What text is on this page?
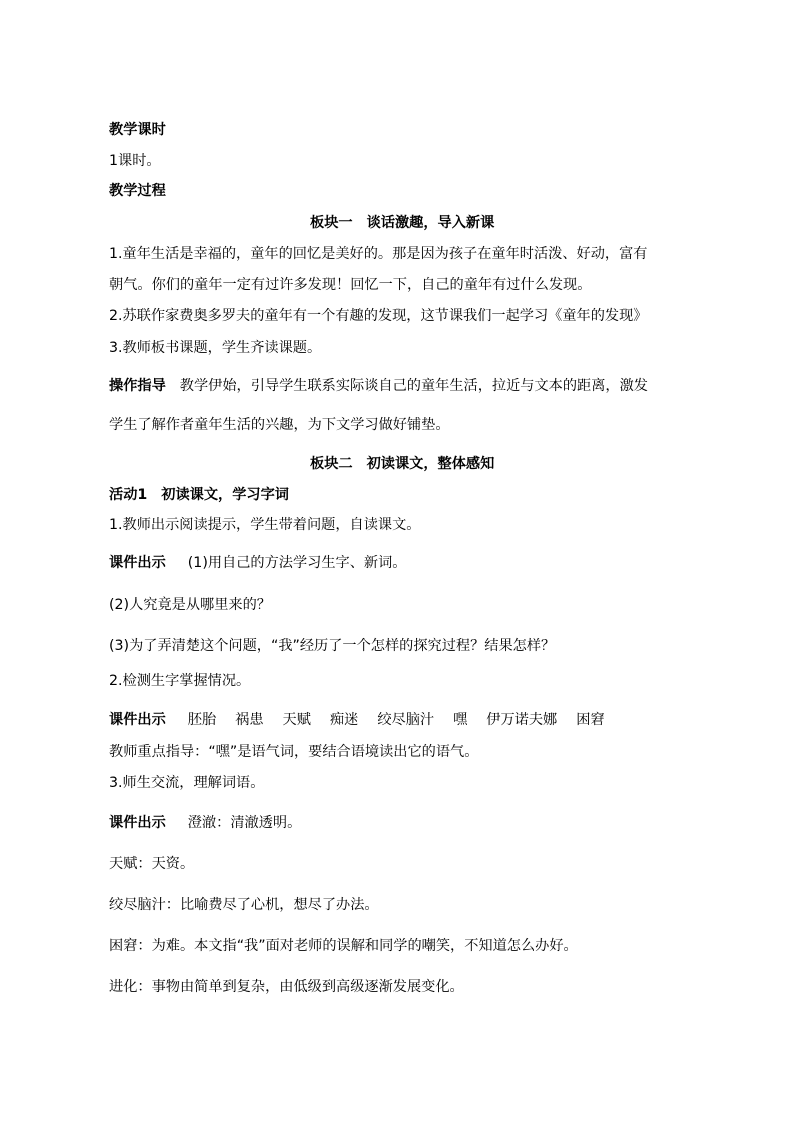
教学课时
1课时。
教学过程
板块一 谈话激趣，导入新课
1.童年生活是幸福的，童年的回忆是美好的。那是因为孩子在童年时活泼、好动，富有
朝气。你们的童年一定有过许多发现！回忆一下，自己的童年有过什么发现。
2.苏联作家费奥多罗夫的童年有一个有趣的发现，这节课我们一起学习《童年的发现》
3.教师板书课题，学生齐读课题。
操作指导 教学伊始，引导学生联系实际谈自己的童年生活，拉近与文本的距离，激发
学生了解作者童年生活的兴趣，为下文学习做好铺垫。
板块二 初读课文，整体感知
活动1 初读课文，学习字词
1.教师出示阅读提示，学生带着问题，自读课文。
课件出示 (1)用自己的方法学习生字、新词。
(2)人究竟是从哪里来的？
(3)为了弄清楚这个问题，“我”经历了一个怎样的探究过程？结果怎样？
2.检测生字掌握情况。
课件出示 胚胎 祸患 天赋 痴迷 绞尽脑汁 嘿 伊万诺夫娜 困窘
教师重点指导：“嘿”是语气词，要结合语境读出它的语气。
3.师生交流，理解词语。
课件出示 澄澈：清澈透明。
天赋：天资。
绞尽脑汁：比喻费尽了心机，想尽了办法。
困窘：为难。本文指“我”面对老师的误解和同学的嘲笑，不知道怎么办好。
进化：事物由简单到复杂，由低级到高级逐渐发展变化。
